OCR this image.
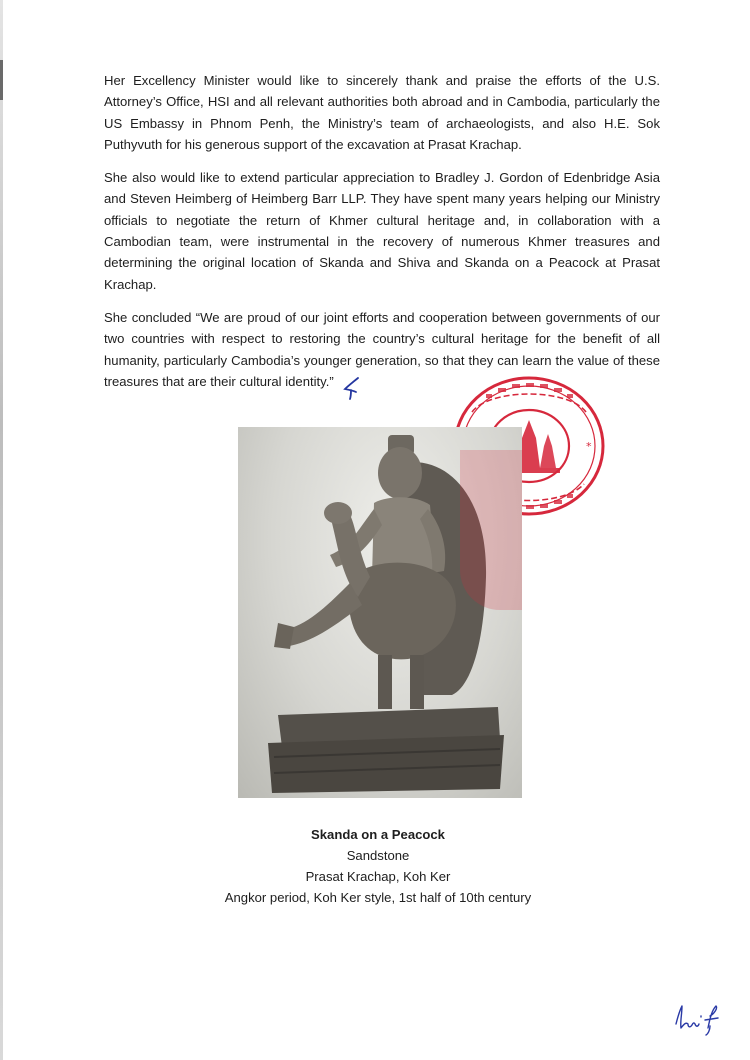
Her Excellency Minister would like to sincerely thank and praise the efforts of the U.S. Attorney’s Office, HSI and all relevant authorities both abroad and in Cambodia, particularly the US Embassy in Phnom Penh, the Ministry’s team of archaeologists, and also H.E. Sok Puthyvuth for his generous support of the excavation at Prasat Krachap.

She also would like to extend particular appreciation to Bradley J. Gordon of Edenbridge Asia and Steven Heimberg of Heimberg Barr LLP. They have spent many years helping our Ministry officials to negotiate the return of Khmer cultural heritage and, in collaboration with a Cambodian team, were instrumental in the recovery of numerous Khmer treasures and determining the original location of Skanda and Shiva and Skanda on a Peacock at Prasat Krachap.

She concluded “We are proud of our joint efforts and cooperation between governments of our two countries with respect to restoring the country’s cultural heritage for the benefit of all humanity, particularly Cambodia’s younger generation, so that they can learn the value of these treasures that are their cultural identity.”

*
Skanda on a Peacock
Sandstone
Prasat Krachap, Koh Ker
Angkor period, Koh Ker style, 1st half of 10th century
